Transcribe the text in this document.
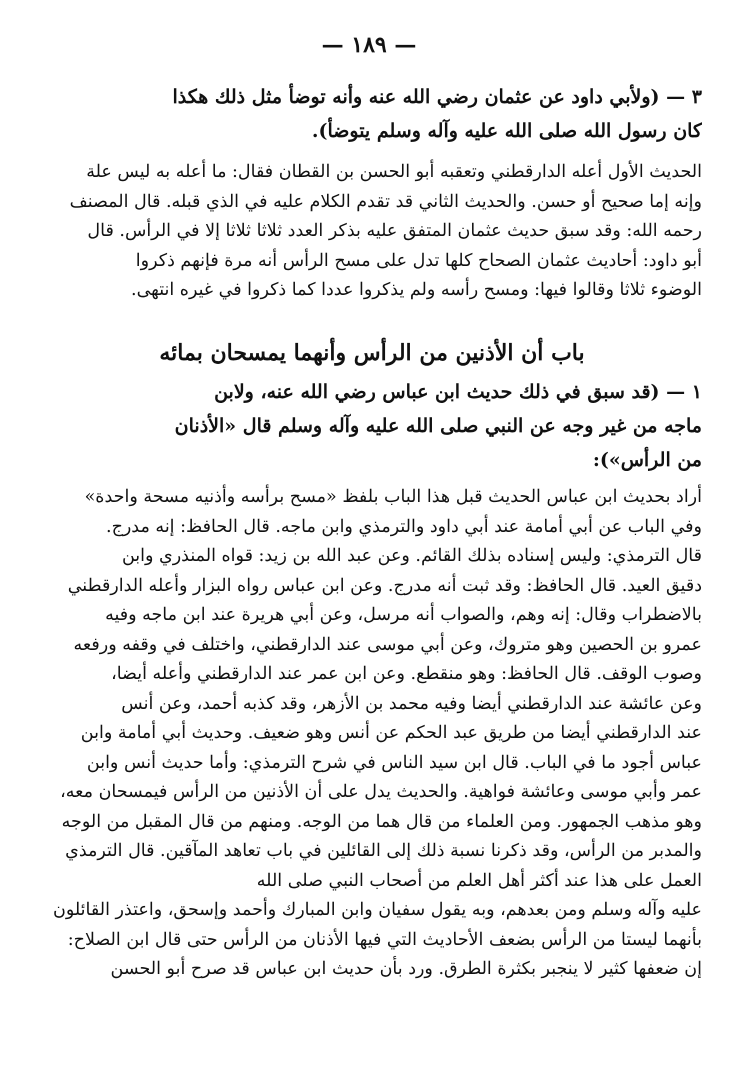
— ١٨٩ —
٣ — (ولأبي داود عن عثمان رضي الله عنه وأنه توضأ مثل ذلك هكذا
كان رسول الله صلى الله عليه وآله وسلم يتوضأ).
الحديث الأول أعله الدارقطني وتعقبه أبو الحسن بن القطان فقال: ما أعله به ليس علة
وإنه إما صحيح أو حسن. والحديث الثاني قد تقدم الكلام عليه في الذي قبله. قال المصنف
رحمه الله: وقد سبق حديث عثمان المتفق عليه بذكر العدد ثلاثا ثلاثا إلا في الرأس. قال
أبو داود: أحاديث عثمان الصحاح كلها تدل على مسح الرأس أنه مرة فإنهم ذكروا
الوضوء ثلاثا وقالوا فيها: ومسح رأسه ولم يذكروا عددا كما ذكروا في غيره انتهى.
باب أن الأذنين من الرأس وأنهما يمسحان بمائه
١ — (قد سبق في ذلك حديث ابن عباس رضي الله عنه، ولابن
ماجه من غير وجه عن النبي صلى الله عليه وآله وسلم قال «الأذنان
من الرأس»):
أراد بحديث ابن عباس الحديث قبل هذا الباب بلفظ «مسح برأسه وأذنيه مسحة واحدة»
وفي الباب عن أبي أمامة عند أبي داود والترمذي وابن ماجه. قال الحافظ: إنه مدرج.
قال الترمذي: وليس إسناده بذلك القائم. وعن عبد الله بن زيد: قواه المنذري وابن
دقيق العيد. قال الحافظ: وقد ثبت أنه مدرج. وعن ابن عباس رواه البزار وأعله الدارقطني
بالاضطراب وقال: إنه وهم، والصواب أنه مرسل، وعن أبي هريرة عند ابن ماجه وفيه
عمرو بن الحصين وهو متروك، وعن أبي موسى عند الدارقطني، واختلف في وقفه ورفعه
وصوب الوقف. قال الحافظ: وهو منقطع. وعن ابن عمر عند الدارقطني وأعله أيضا،
وعن عائشة عند الدارقطني أيضا وفيه محمد بن الأزهر، وقد كذبه أحمد، وعن أنس
عند الدارقطني أيضا من طريق عبد الحكم عن أنس وهو ضعيف. وحديث أبي أمامة وابن
عباس أجود ما في الباب. قال ابن سيد الناس في شرح الترمذي: وأما حديث أنس وابن
عمر وأبي موسى وعائشة فواهية. والحديث يدل على أن الأذنين من الرأس فيمسحان معه،
وهو مذهب الجمهور. ومن العلماء من قال هما من الوجه. ومنهم من قال المقبل من الوجه
والمدبر من الرأس، وقد ذكرنا نسبة ذلك إلى القائلين في باب تعاهد المآقين. قال الترمذي
العمل على هذا عند أكثر أهل العلم من أصحاب النبي صلى الله
عليه وآله وسلم ومن بعدهم، وبه يقول سفيان وابن المبارك وأحمد وإسحق، واعتذر القائلون
بأنهما ليستا من الرأس بضعف الأحاديث التي فيها الأذنان من الرأس حتى قال ابن الصلاح:
إن ضعفها كثير لا ينجبر بكثرة الطرق. ورد بأن حديث ابن عباس قد صرح أبو الحسن
